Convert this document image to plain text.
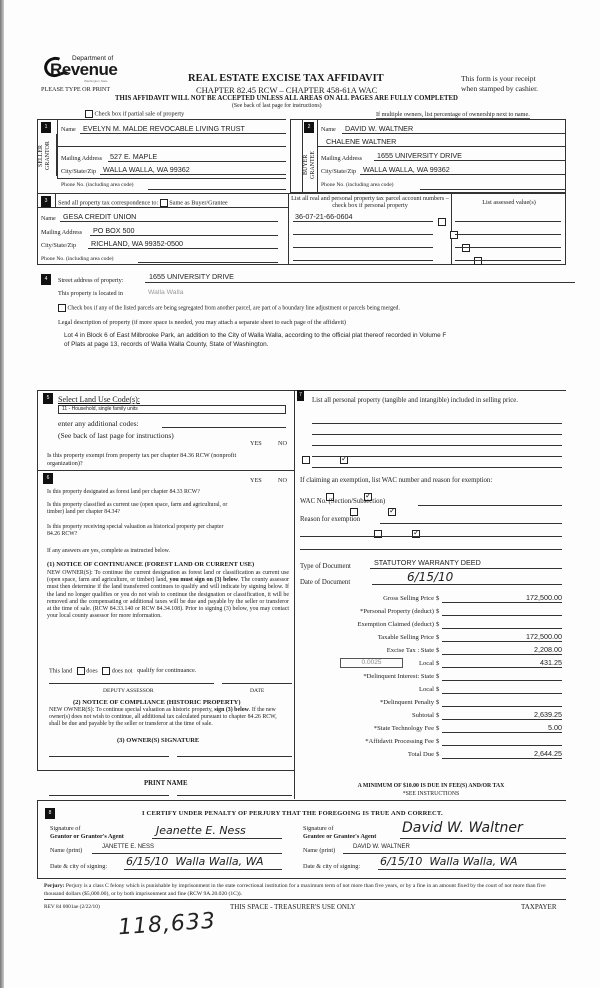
Department of
Revenue
Washington State
PLEASE TYPE OR PRINT
REAL ESTATE EXCISE TAX AFFIDAVIT
CHAPTER 82.45 RCW – CHAPTER 458-61A WAC
This form is your receipt
when stamped by cashier.
THIS AFFIDAVIT WILL NOT BE ACCEPTED UNLESS ALL AREAS ON ALL PAGES ARE FULLY COMPLETED
(See back of last page for instructions)
Check box if partial sale of property	If multiple owners, list percentage of ownership next to name.
1
SELLER GRANTOR
Name	EVELYN M. MALDE REVOCABLE LIVING TRUST
Mailing Address 527 E. MAPLE
City/State/Zip WALLA WALLA, WA 99362
Phone No. (including area code)
2
BUYER GRANTEE
Name	DAVID W. WALTNER
CHALENE WALTNER
Mailing Address	1655 UNIVERSITY DRIVE
City/State/Zip WALLA WALLA, WA 99362
Phone No. (including area code)
3	Send all property tax correspondence to: Same as Buyer/Grantee
Name	GESA CREDIT UNION
Mailing Address	PO BOX 500
City/State/Zip	RICHLAND, WA 99352-0500
Phone No. (including area code)
List all real and personal property tax parcel account numbers – check box if personal property	List assessed value(s)
36-07-21-66-0604

4	Street address of property:	1655 UNIVERSITY DRIVE
This property is located in	Walla Walla
Check box if any of the listed parcels are being segregated from another parcel, are part of a boundary line adjustment or parcels being merged.
Legal description of property (if more space is needed, you may attach a separate sheet to each page of the affidavit)
Lot 4 in Block 6 of East Milbrooke Park, an addition to the City of Walla Walla, according to the official plat thereof recorded in Volume F
of Plats at page 13, records of Walla Walla County, State of Washington.
5	Select Land Use Code(s):
11 - Household, single family units
enter any additional codes:
(See back of last page for instructions)
YES	NO
Is this property exempt from property tax per chapter 84.36 RCW (nonprofit organization)?
✓
6	YES	NO
Is this property designated as forest land per chapter 84.33 RCW?
✓
Is this property classified as current use (open space, farm and agricultural, or timber) land per chapter 84.34?
✓
Is this property receiving special valuation as historical property per chapter 84.26 RCW?
✓
If any answers are yes, complete as instructed below.
(1) NOTICE OF CONTINUANCE (FOREST LAND OR CURRENT USE)
NEW OWNER(S): To continue the current designation as forest land or classification as current use (open space, farm and agriculture, or timber) land, you must sign on (3) below. The county assessor must then determine if the land transferred continues to qualify and will indicate by signing below. If the land no longer qualifies or you do not wish to continue the designation or classification, it will be removed and the compensating or additional taxes will be due and payable by the seller or transferor at the time of sale. (RCW 84.33.140 or RCW 84.34.108). Prior to signing (3) below, you may contact your local county assessor for more information.
This land does does not qualify for continuance.
DEPUTY ASSESSOR	DATE
(2) NOTICE OF COMPLIANCE (HISTORIC PROPERTY)
NEW OWNER(S): To continue special valuation as historic property, sign (3) below. If the new owner(s) does not wish to continue, all additional tax calculated pursuant to chapter 84.26 RCW, shall be due and payable by the seller or transferor at the time of sale.
(3) OWNER(S) SIGNATURE
PRINT NAME
7
List all personal property (tangible and intangible) included in selling price.
If claiming an exemption, list WAC number and reason for exemption:
WAC No. (Section/Subsection)
Reason for exemption
Type of Document	STATUTORY WARRANTY DEED
Date of Document	6/15/10
Gross Selling Price $	172,500.00
*Personal Property (deduct) $
Exemption Claimed (deduct) $
Taxable Selling Price $	172,500.00
Excise Tax : State $	2,208.00
0.0025	Local $	431.25
*Delinquent Interest: State $
Local $
*Delinquent Penalty $
Subtotal $	2,639.25
*State Technology Fee $	5.00
*Affidavit Processing Fee $
Total Due $	2,644.25
A MINIMUM OF $10.00 IS DUE IN FEE(S) AND/OR TAX
*SEE INSTRUCTIONS
8	I CERTIFY UNDER PENALTY OF PERJURY THAT THE FOREGOING IS TRUE AND CORRECT.
Signature of
Grantor or Grantor's Agent	Jeanette E. Ness
Name (print)	JANETTE E. NESS
Date & city of signing: 6/15/10  Walla Walla, WA
Signature of
Grantee or Grantee's Agent
David W. Waltner
Name (print)	DAVID W. WALTNER
Date & city of signing: 6/15/10  Walla Walla, WA
Perjury: Perjury is a class C felony which is punishable by imprisonment in the state correctional institution for a maximum term of not more than five years, or by a fine in an amount fixed by the court of not more than five thousand dollars ($5,000.00), or by both imprisonment and fine (RCW 9A.20.020 (1C)).
REV 84 0001ae (2/22/10)	THIS SPACE - TREASURER'S USE ONLY	TAXPAYER
118,633
